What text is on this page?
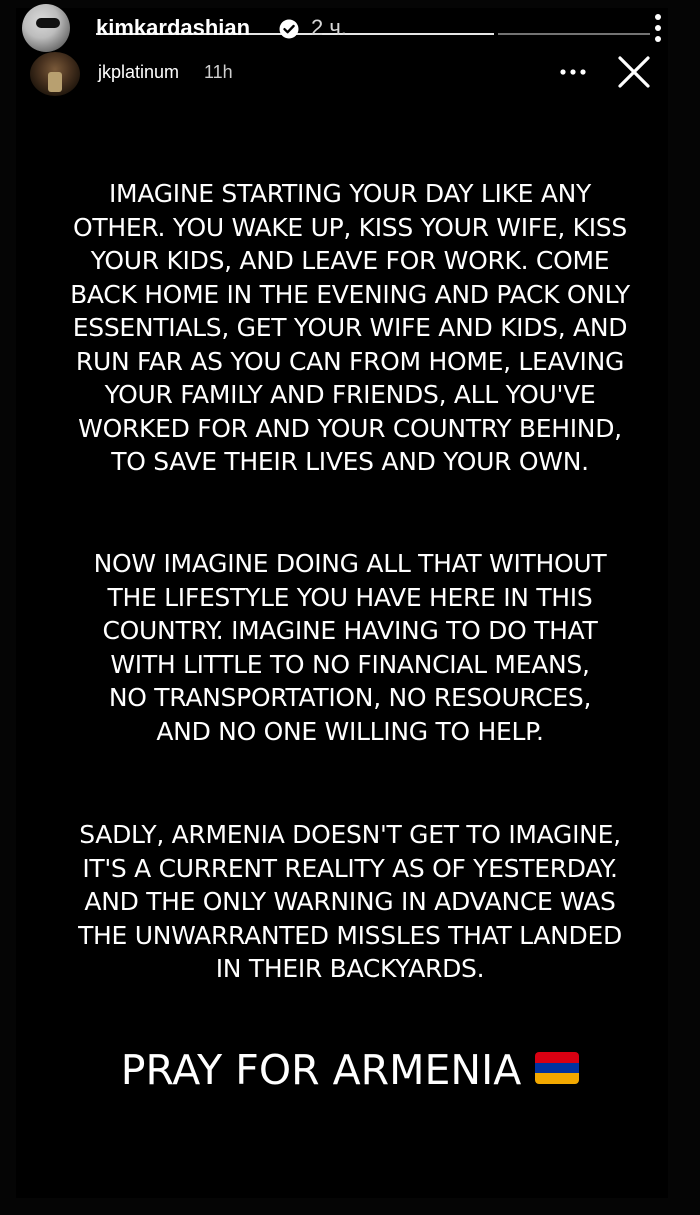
kimkardashian	2 ч.
jkplatinum 11h
IMAGINE STARTING YOUR DAY LIKE ANY
OTHER. YOU WAKE UP, KISS YOUR WIFE, KISS
YOUR KIDS, AND LEAVE FOR WORK. COME
BACK HOME IN THE EVENING AND PACK ONLY
ESSENTIALS, GET YOUR WIFE AND KIDS, AND
RUN FAR AS YOU CAN FROM HOME, LEAVING
YOUR FAMILY AND FRIENDS, ALL YOU'VE
WORKED FOR AND YOUR COUNTRY BEHIND,
TO SAVE THEIR LIVES AND YOUR OWN.
NOW IMAGINE DOING ALL THAT WITHOUT
THE LIFESTYLE YOU HAVE HERE IN THIS
COUNTRY. IMAGINE HAVING TO DO THAT
WITH LITTLE TO NO FINANCIAL MEANS,
NO TRANSPORTATION, NO RESOURCES,
AND NO ONE WILLING TO HELP.
SADLY, ARMENIA DOESN'T GET TO IMAGINE,
IT'S A CURRENT REALITY AS OF YESTERDAY.
AND THE ONLY WARNING IN ADVANCE WAS
THE UNWARRANTED MISSLES THAT LANDED
IN THEIR BACKYARDS.
PRAY FOR ARMENIA
